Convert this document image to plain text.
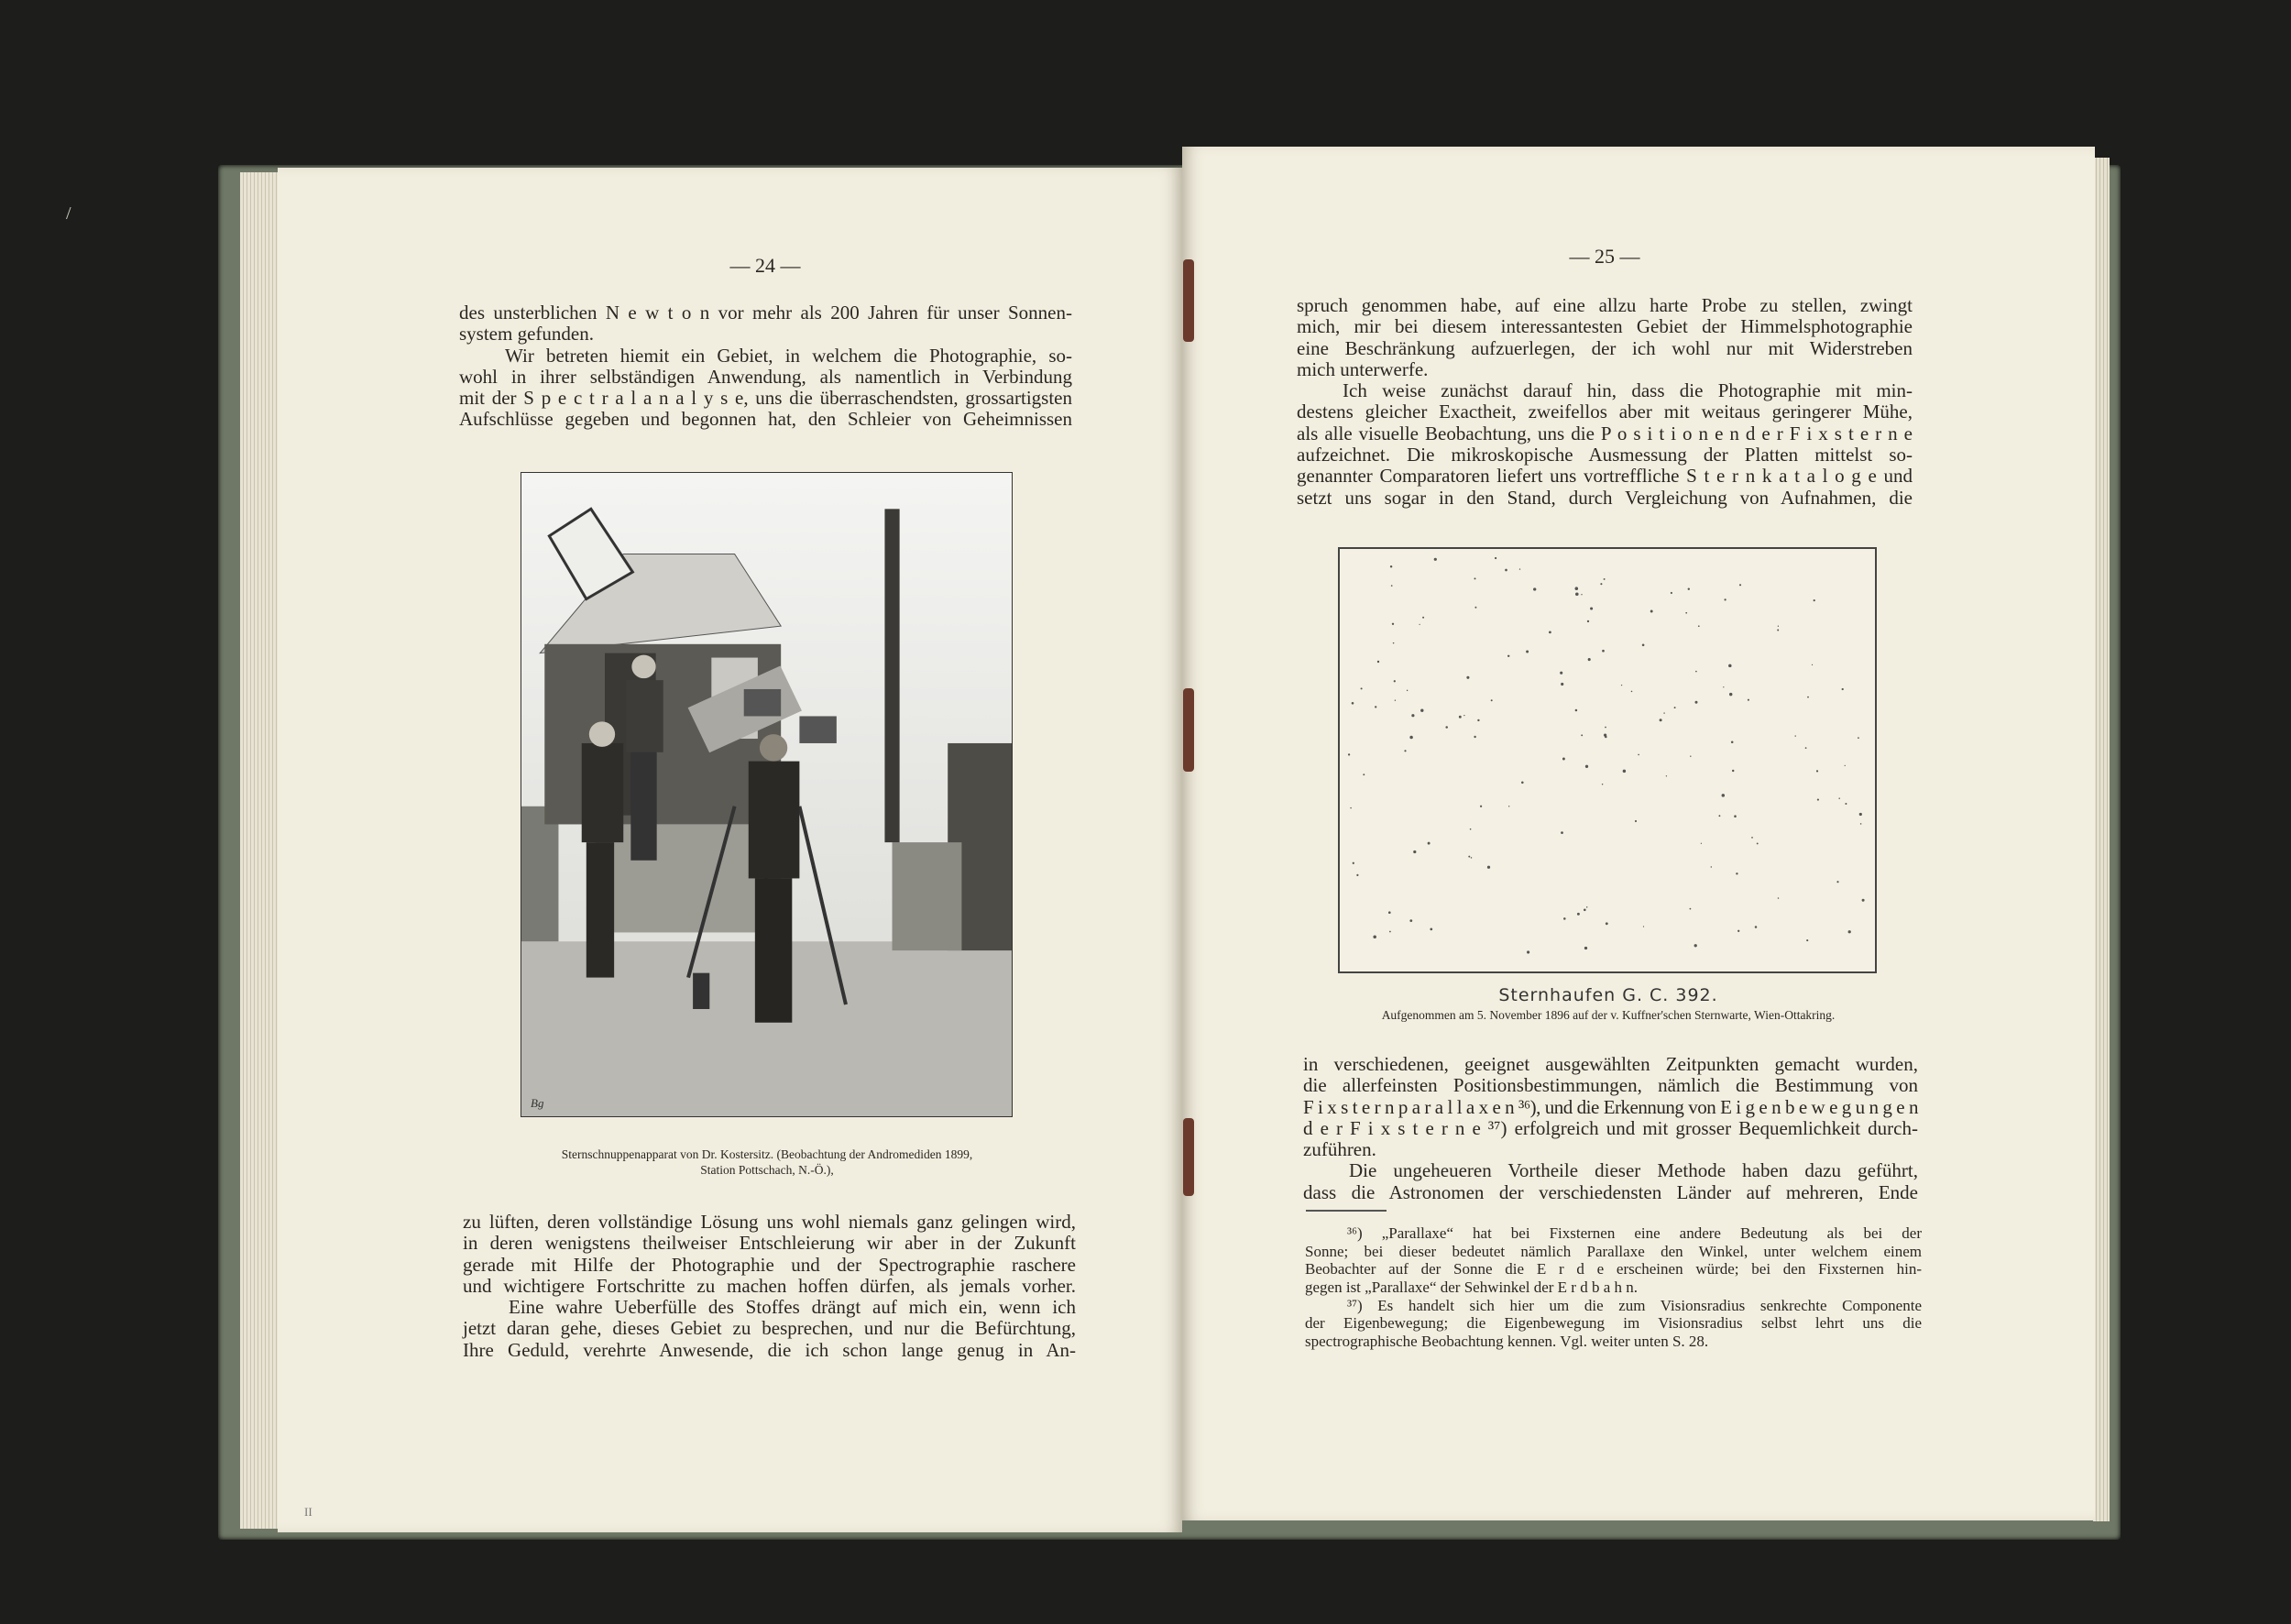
/
— 24 —
des unsterblichen N e w t o n vor mehr als 200 Jahren für unser Sonnen-
system gefunden.
Wir betreten hiemit ein Gebiet, in welchem die Photographie, so-
wohl in ihrer selbständigen Anwendung, als namentlich in Verbindung
mit der S p e c t r a l a n a l y s e, uns die überraschendsten, grossartigsten
Aufschlüsse gegeben und begonnen hat, den Schleier von Geheimnissen
Bg
Sternschnuppenapparat von Dr. Kostersitz. (Beobachtung der Andromediden 1899,
Station Pottschach, N.-Ö.),
zu lüften, deren vollständige Lösung uns wohl niemals ganz gelingen wird,
in deren wenigstens theilweiser Entschleierung wir aber in der Zukunft
gerade mit Hilfe der Photographie und der Spectrographie raschere
und wichtigere Fortschritte zu machen hoffen dürfen, als jemals vorher.
Eine wahre Ueberfülle des Stoffes drängt auf mich ein, wenn ich
jetzt daran gehe, dieses Gebiet zu besprechen, und nur die Befürchtung,
Ihre Geduld, verehrte Anwesende, die ich schon lange genug in An-
II
— 25 —
spruch genommen habe, auf eine allzu harte Probe zu stellen, zwingt
mich, mir bei diesem interessantesten Gebiet der Himmelsphotographie
eine Beschränkung aufzuerlegen, der ich wohl nur mit Widerstreben
mich unterwerfe.
Ich weise zunächst darauf hin, dass die Photographie mit min-
destens gleicher Exactheit, zweifellos aber mit weitaus geringerer Mühe,
als alle visuelle Beobachtung, uns die P o s i t i o n e n d e r F i x s t e r n e
aufzeichnet. Die mikroskopische Ausmessung der Platten mittelst so-
genannter Comparatoren liefert uns vortreffliche S t e r n k a t a l o g e und
setzt uns sogar in den Stand, durch Vergleichung von Aufnahmen, die
Sternhaufen G. C. 392.
Aufgenommen am 5. November 1896 auf der v. Kuffner'schen Sternwarte, Wien-Ottakring.
in verschiedenen, geeignet ausgewählten Zeitpunkten gemacht wurden,
die allerfeinsten Positionsbestimmungen, nämlich die Bestimmung von
F i x s t e r n p a r a l l a x e n ³⁶), und die Erkennung von E i g e n b e w e g u n g e n
d e r F i x s t e r n e ³⁷) erfolgreich und mit grosser Bequemlichkeit durch-
zuführen.
Die ungeheueren Vortheile dieser Methode haben dazu geführt,
dass die Astronomen der verschiedensten Länder auf mehreren, Ende
³⁶) „Parallaxe“ hat bei Fixsternen eine andere Bedeutung als bei der
Sonne; bei dieser bedeutet nämlich Parallaxe den Winkel, unter welchem einem
Beobachter auf der Sonne die E r d e erscheinen würde; bei den Fixsternen hin-
gegen ist „Parallaxe“ der Sehwinkel der E r d b a h n.
³⁷) Es handelt sich hier um die zum Visionsradius senkrechte Componente
der Eigenbewegung; die Eigenbewegung im Visionsradius selbst lehrt uns die
spectrographische Beobachtung kennen. Vgl. weiter unten S. 28.
